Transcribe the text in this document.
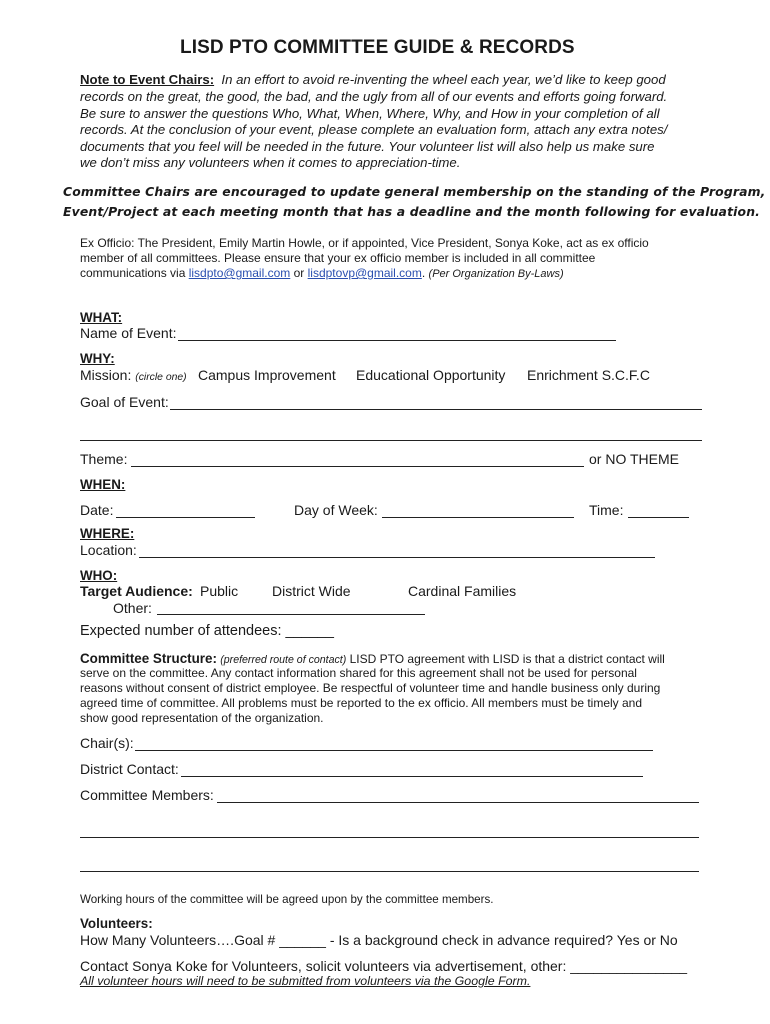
LISD PTO COMMITTEE GUIDE & RECORDS
Note to Event Chairs: In an effort to avoid re-inventing the wheel each year, we’d like to keep good
records on the great, the good, the bad, and the ugly from all of our events and efforts going forward.
Be sure to answer the questions Who, What, When, Where, Why, and How in your completion of all
records. At the conclusion of your event, please complete an evaluation form, attach any extra notes/
documents that you feel will be needed in the future. Your volunteer list will also help us make sure
we don’t miss any volunteers when it comes to appreciation-time.
Committee Chairs are encouraged to update general membership on the standing of the Program,
Event/Project at each meeting month that has a deadline and the month following for evaluation.
Ex Officio: The President, Emily Martin Howle, or if appointed, Vice President, Sonya Koke, act as ex officio
member of all committees. Please ensure that your ex officio member is included in all committee
communications via lisdpto@gmail.com or lisdptovp@gmail.com. (Per Organization By-Laws)
WHAT:
Name of Event:
WHY:
Mission: (circle one) Campus Improvement Educational Opportunity Enrichment S.C.F.C
Goal of Event:
Theme:	or NO THEME
WHEN:
Date:	Day of Week:	Time:
WHERE:
Location:
WHO:
Target Audience: Public District Wide	Cardinal Families
Other:
Expected number of attendees: ______
Committee Structure: (preferred route of contact) LISD PTO agreement with LISD is that a district contact will
serve on the committee. Any contact information shared for this agreement shall not be used for personal
reasons without consent of district employee. Be respectful of volunteer time and handle business only during
agreed time of committee. All problems must be reported to the ex officio. All members must be timely and
show good representation of the organization.
Chair(s):
District Contact:
Committee Members:
Working hours of the committee will be agreed upon by the committee members.
Volunteers:
How Many Volunteers….Goal # ______ - Is a background check in advance required? Yes or No
Contact Sonya Koke for Volunteers, solicit volunteers via advertisement, other: _______________
All volunteer hours will need to be submitted from volunteers via the Google Form.
